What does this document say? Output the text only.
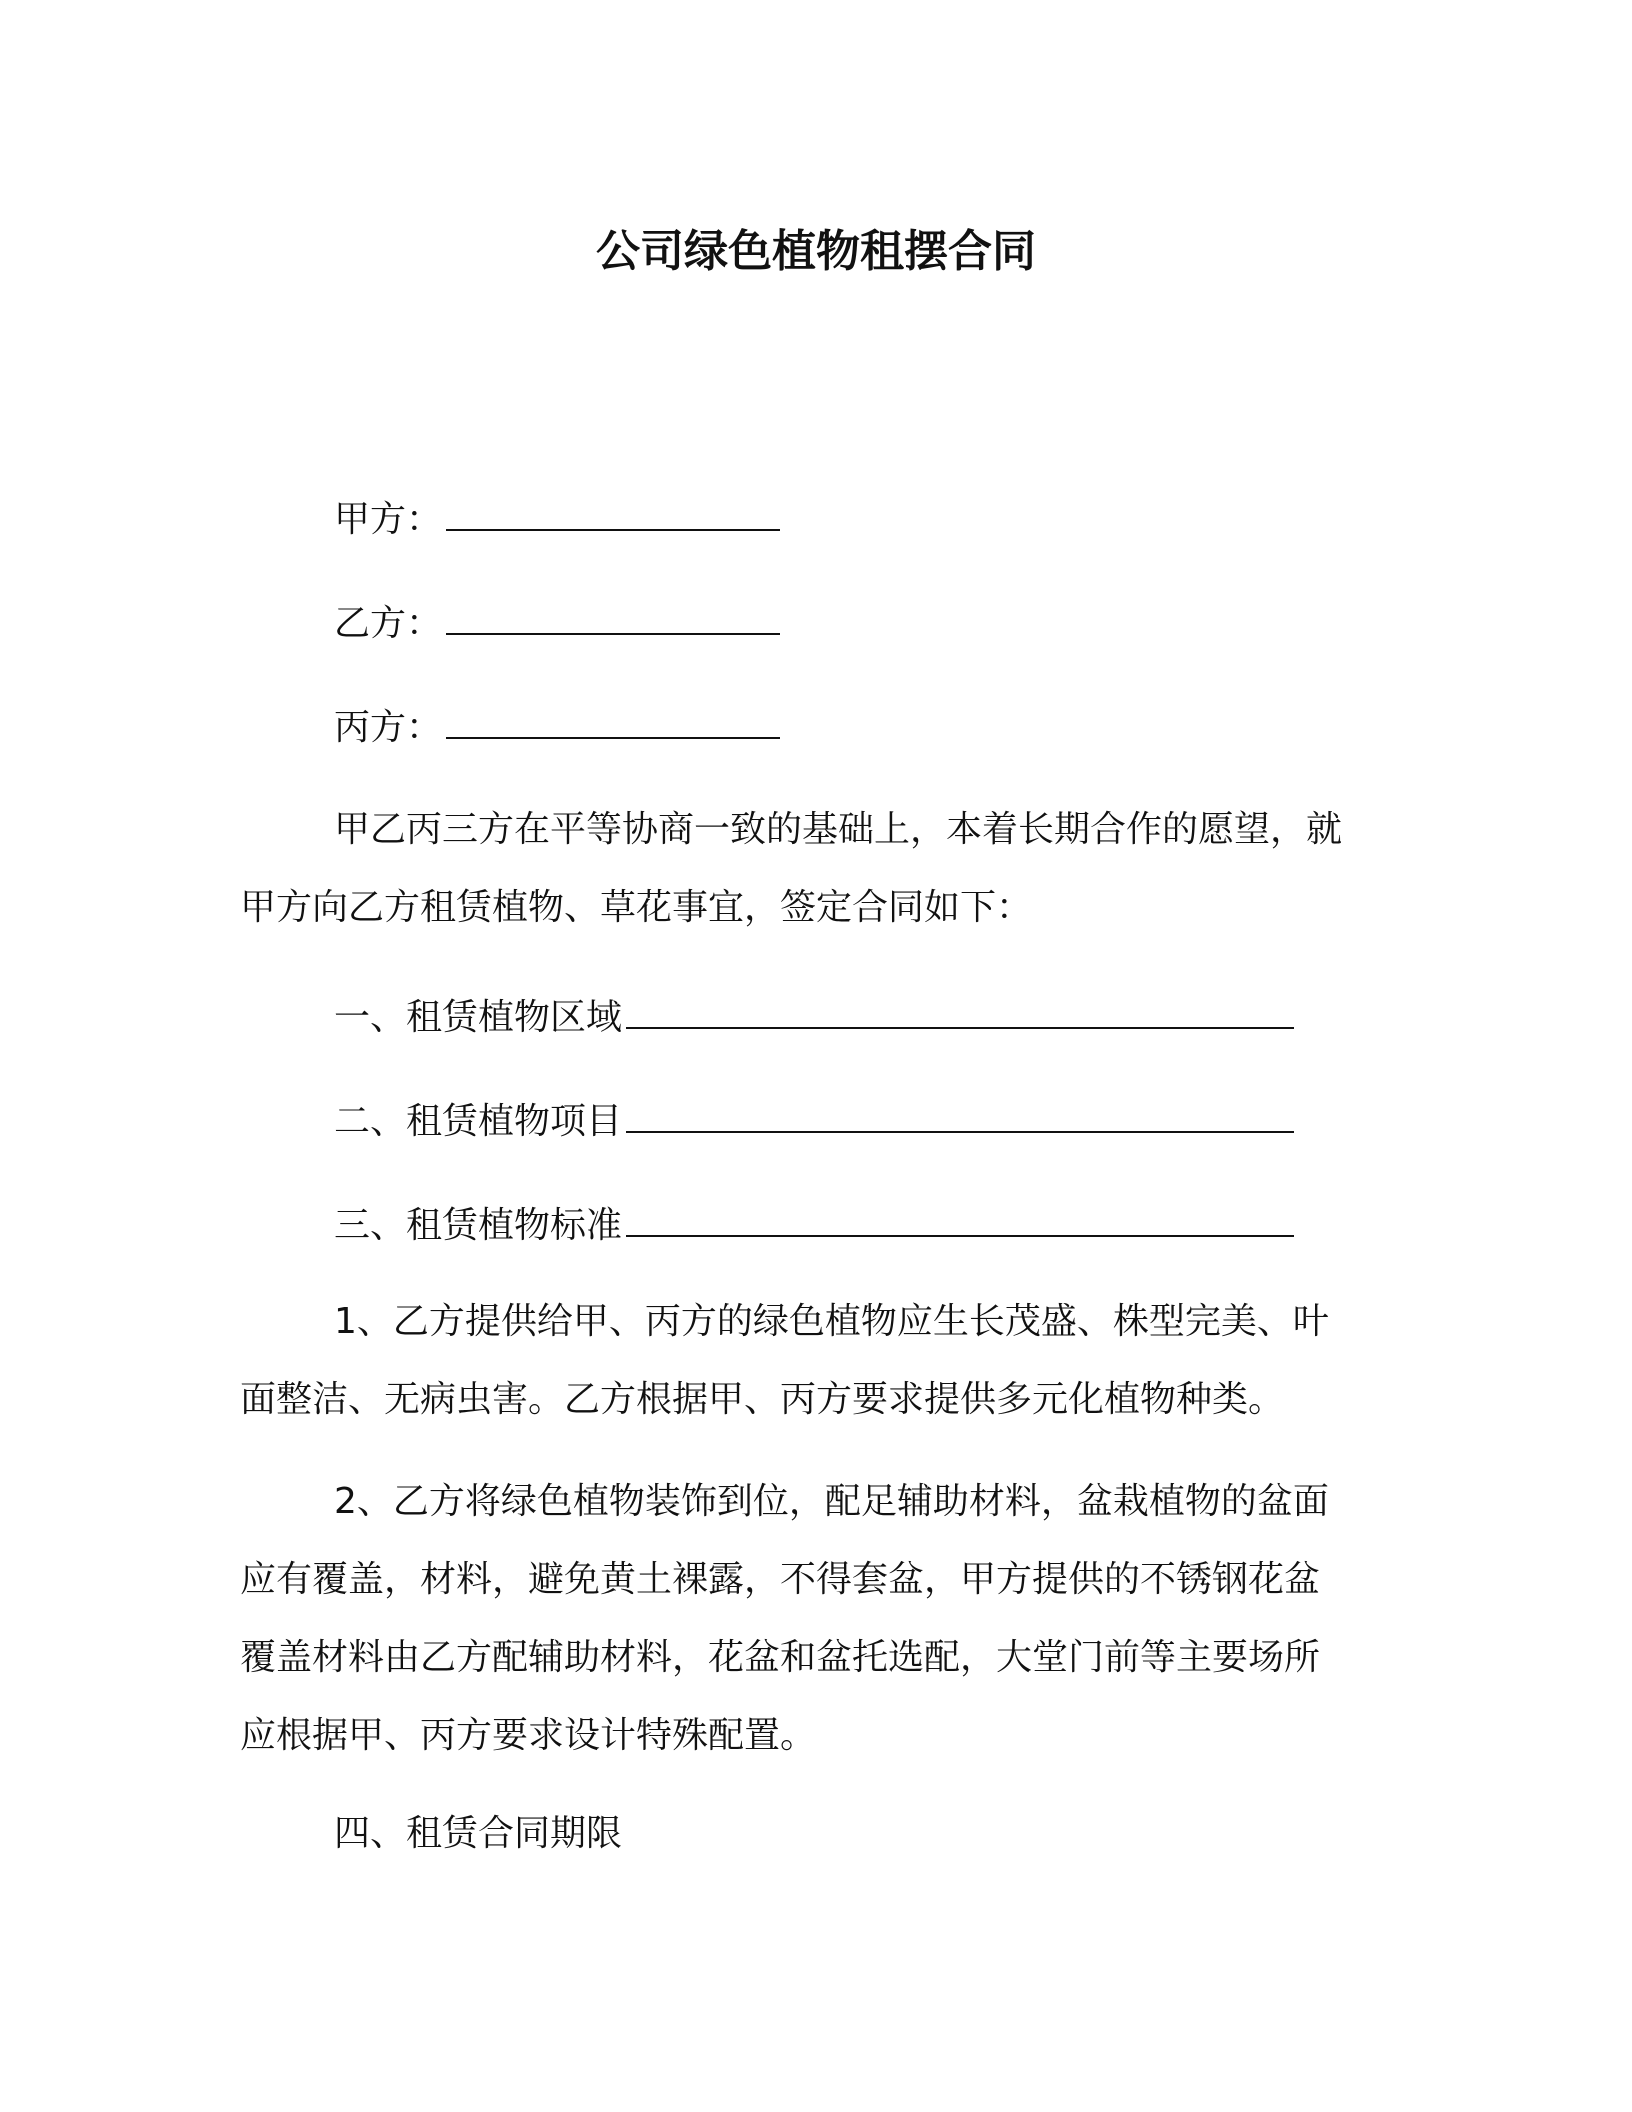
公司绿色植物租摆合同
甲方：
乙方：
丙方：
甲乙丙三方在平等协商一致的基础上，本着长期合作的愿望，就
甲方向乙方租赁植物、草花事宜，签定合同如下：
一、租赁植物区域
二、租赁植物项目
三、租赁植物标准
1、乙方提供给甲、丙方的绿色植物应生长茂盛、株型完美、叶
面整洁、无病虫害。乙方根据甲、丙方要求提供多元化植物种类。
2、乙方将绿色植物装饰到位，配足辅助材料，盆栽植物的盆面
应有覆盖，材料，避免黄土裸露，不得套盆，甲方提供的不锈钢花盆
覆盖材料由乙方配辅助材料，花盆和盆托选配，大堂门前等主要场所
应根据甲、丙方要求设计特殊配置。
四、租赁合同期限
